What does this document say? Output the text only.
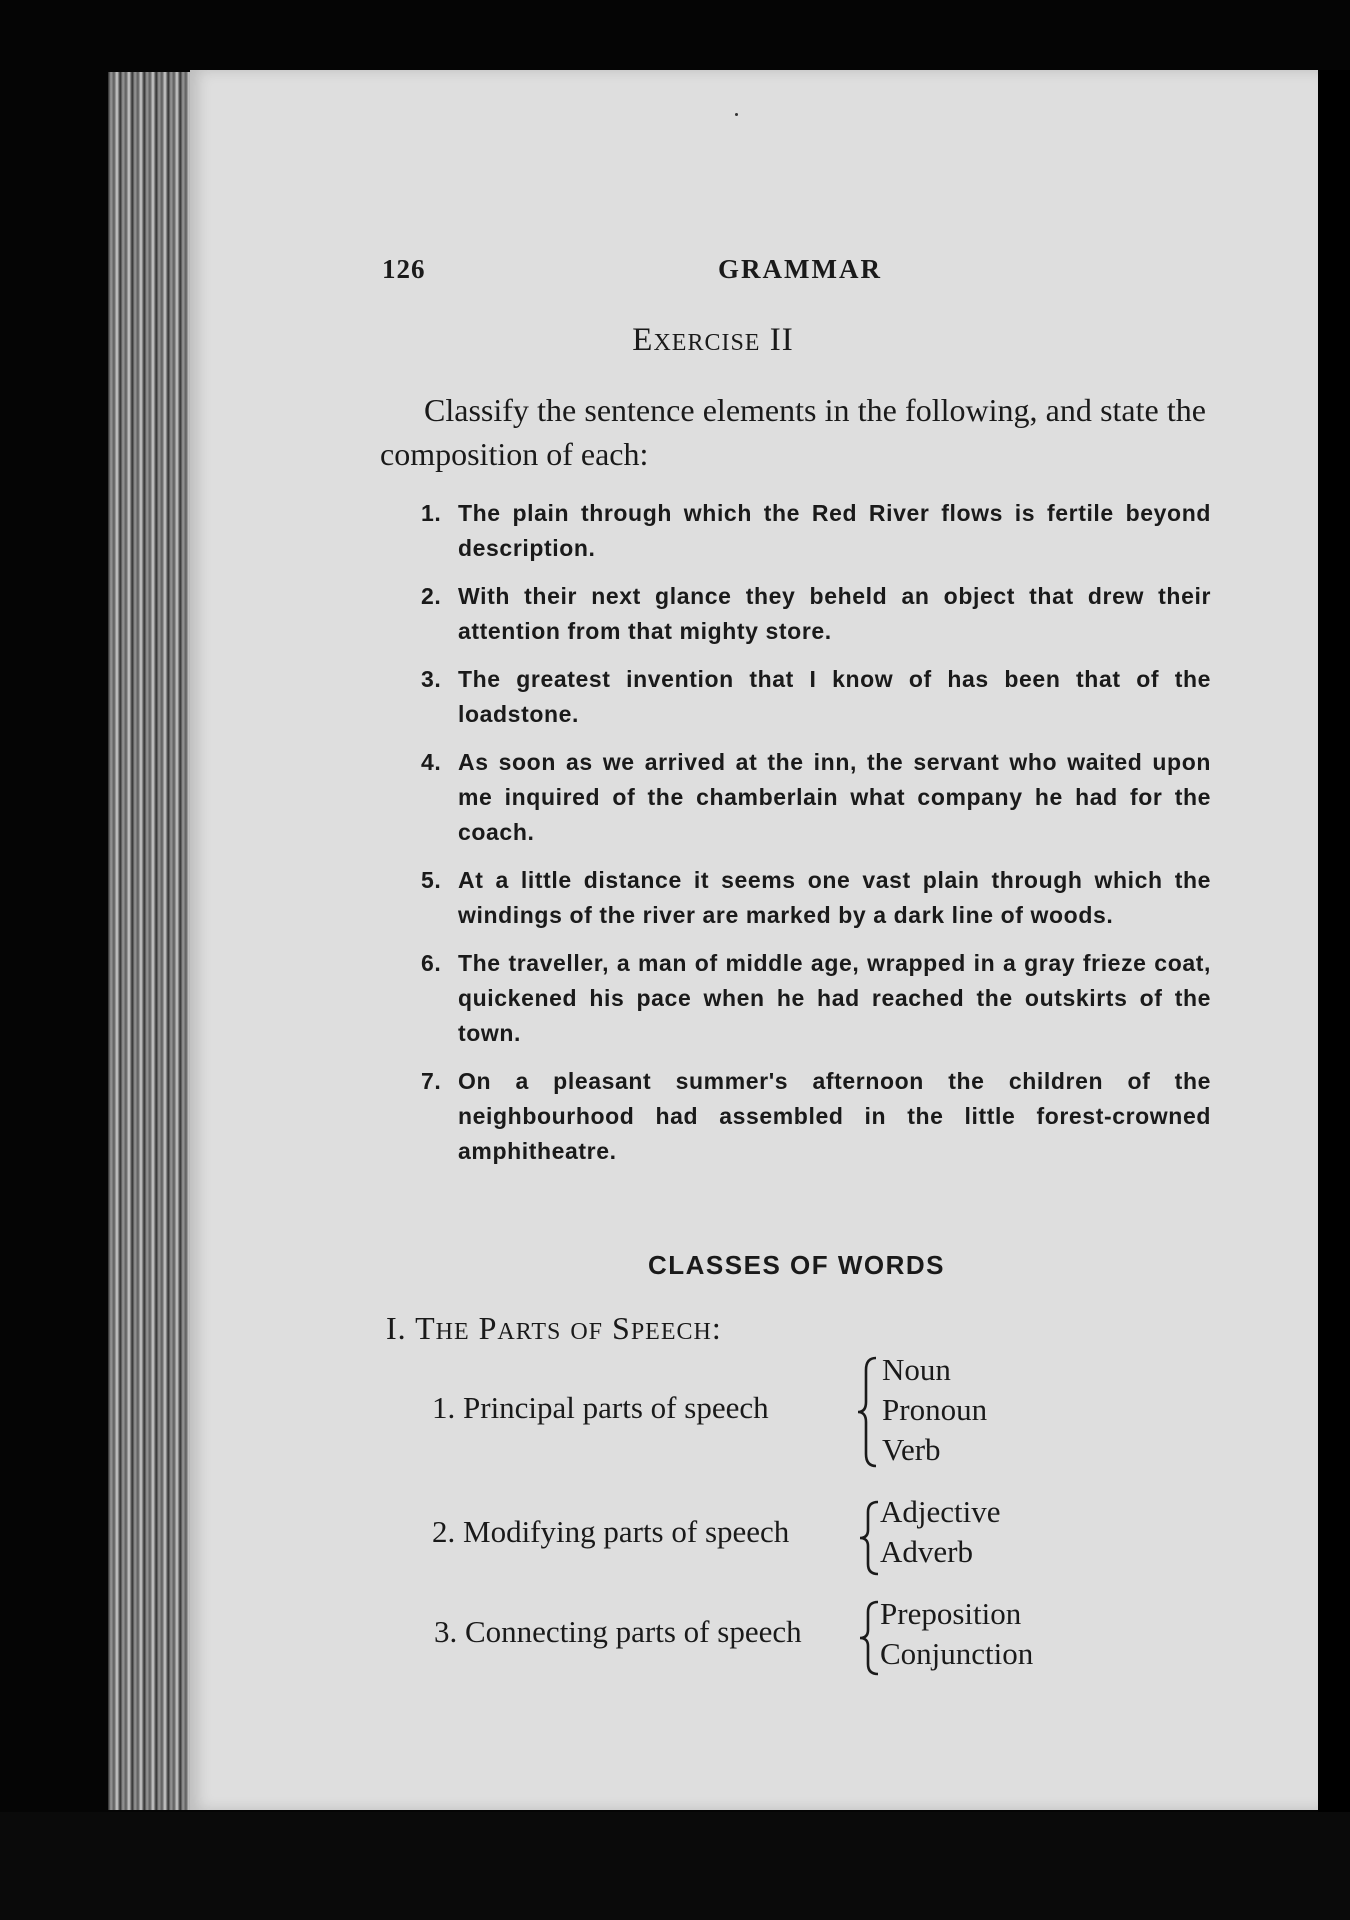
126	GRAMMAR
EXERCISE II
Classify the sentence elements in the following, and state the composition of each:
1. The plain through which the Red River flows is fertile beyond description.
2. With their next glance they beheld an object that drew their attention from that mighty store.
3. The greatest invention that I know of has been that of the loadstone.
4. As soon as we arrived at the inn, the servant who waited upon me inquired of the chamberlain what company he had for the coach.
5. At a little distance it seems one vast plain through which the windings of the river are marked by a dark line of woods.
6. The traveller, a man of middle age, wrapped in a gray frieze coat, quickened his pace when he had reached the outskirts of the town.
7. On a pleasant summer's afternoon the children of the neighbourhood had assembled in the little forest-crowned amphitheatre.
CLASSES OF WORDS
I. THE PARTS OF SPEECH:
1. Principal parts of speech
Noun
Pronoun
Verb
2. Modifying parts of speech
Adjective
Adverb
3. Connecting parts of speech
Preposition
Conjunction
